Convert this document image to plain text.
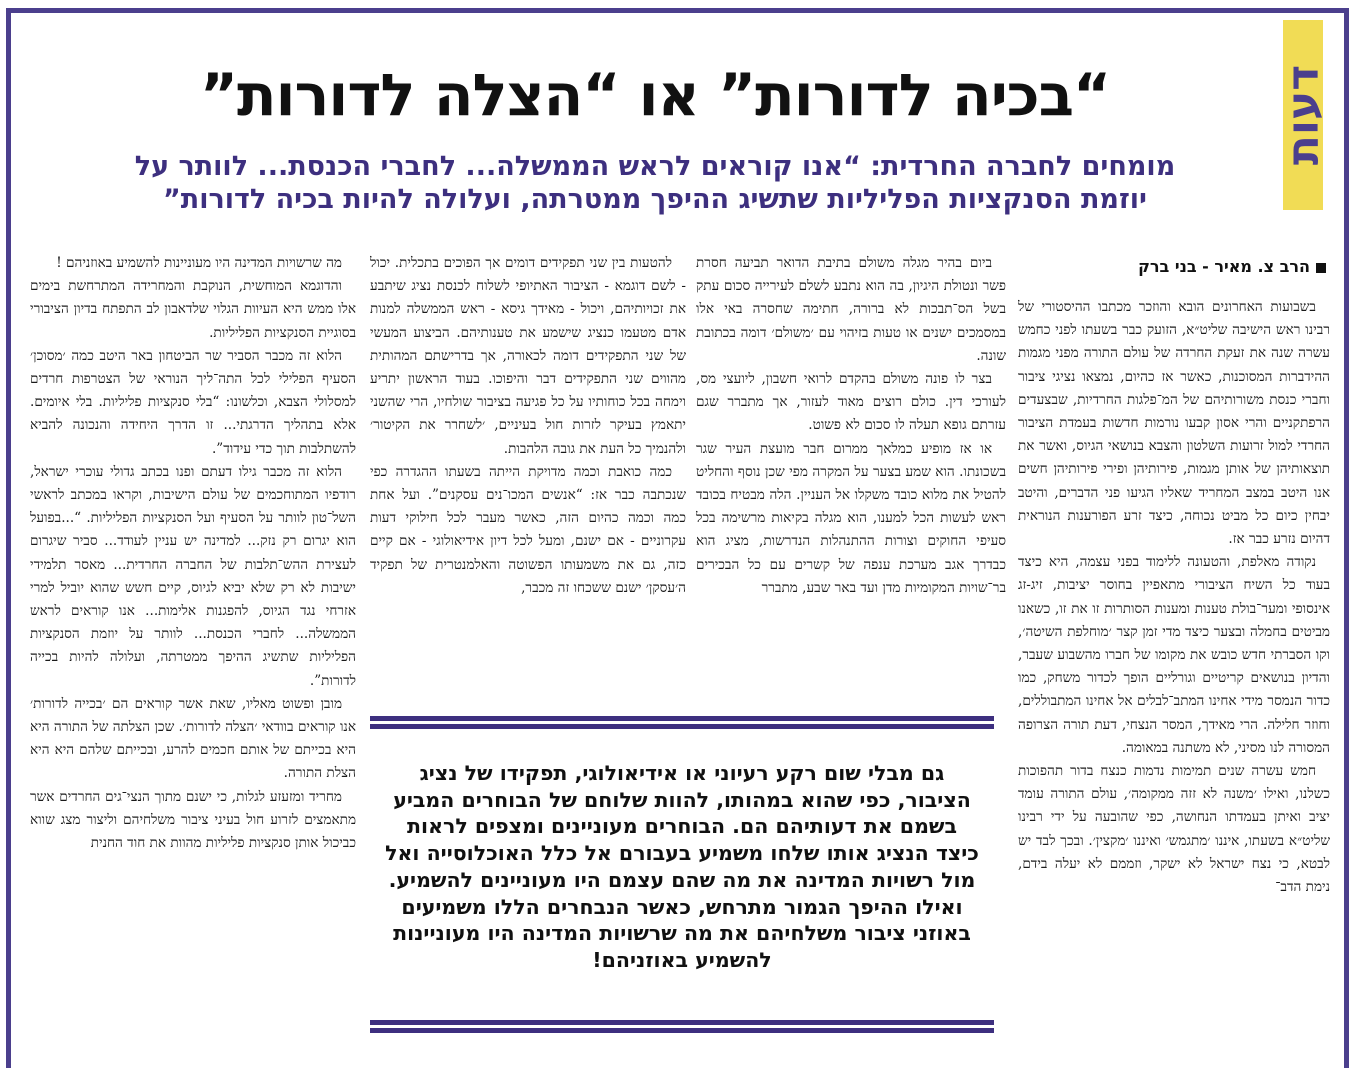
דעות
“בכיה לדורות” או “הצלה לדורות”
מומחים לחברה החרדית: “אנו קוראים לראש הממשלה... לחברי הכנסת... לוותר על
יוזמת הסנקציות הפליליות שתשיג ההיפך ממטרתה, ועלולה להיות בכיה לדורות”
הרב צ. מאיר - בני ברק

בשבועות האחרונים הובא והוזכר מכתבו ההיסטורי של רבינו ראש הישיבה שליט״א, הזועק כבר בשעתו לפני כחמש עשרה שנה את זעקת החרדה של עולם התורה מפני מגמות ההידברות המסוכנות, כאשר אז כהיום, נמצאו נציגי ציבור וחברי כנסת משורותיהם של המ־פלגות החרדיות, שבצעדים הרפתקניים והרי אסון קבעו נורמות חדשות בעמדת הציבור החרדי למול זרועות השלטון והצבא בנושאי הגיוס, ואשר את תוצאותיהן של אותן מגמות, פירותיהן ופירי פירותיהן חשים אנו היטב במצב המחריד שאליו הגיעו פני הדברים, והיטב יבחין כיום כל מביט נכוחה, כיצד זרע הפורענות הנוראית דהיום נזרע כבר אז.

נקודה מאלפת, והטעונה ללימוד בפני עצמה, היא כיצד בעוד כל השיח הציבורי מתאפיין בחוסר יציבות, זיג-זג אינסופי ומער־בולת טענות ומענות הסותרות זו את זו, כשאנו מביטים בחמלה ובצער כיצד מדי זמן קצר ׳מוחלפת השיטה׳, וקו הסברתי חדש כובש את מקומו של חברו מהשבוע שעבר, והדיון בנושאים קריטיים וגורליים הופך לכדור משחק, כמו כדור הנמסר מידי אחינו המתב־לבלים אל אחינו המתבוללים, וחוזר חלילה. הרי מאידך, המסר הנצחי, דעת תורה הצרופה המסורה לנו מסיני, לא משתנה במאומה.

חמש עשרה שנים תמימות נדמות כנצח בדור תהפוכות כשלנו, ואילו ׳משנה לא זזה ממקומה׳, עולם התורה עומד יציב ואיתן בעמדתו הנחושה, כפי שהובעה על ידי רבינו שליט״א בשעתו, איננו ׳מתגמש׳ ואיננו ׳מקצין׳. ובכך לבד יש לבטא, כי נצח ישראל לא ישקר, וזממם לא יעלה בידם, נימת הדב־

ביום בהיר מגלה משולם בתיבת הדואר תביעה חסרת פשר ונטולת היגיון, בה הוא נתבע לשלם לעירייה סכום עתק בשל הס־תבכות לא ברורה, חתימה שחסרה באי אלו במסמכים ישנים או טעות בזיהוי עם ׳משולם׳ דומה בכתובת שונה.

בצר לו פונה משולם בהקדם לרואי חשבון, ליועצי מס, לעורכי דין. כולם רוצים מאוד לעזור, אך מתברר שגם עזרתם גופא תעלה לו סכום לא פשוט.

או אז מופיע כמלאך ממרום חבר מועצת העיר שגר בשכונתו. הוא שמע בצער על המקרה מפי שכן נוסף והחליט להטיל את מלוא כובד משקלו אל העניין. הלה מבטיח בכובד ראש לעשות הכל למענו, הוא מגלה בקיאות מרשימה בכל סעיפי החוקים וצורות ההתנהלות הנדרשות, מציג הוא כבדרך אגב מערכת ענפה של קשרים עם כל הבכירים בר־שויות המקומיות מדן ועד באר שבע, מתברר

להטעות בין שני תפקידים דומים אך הפוכים בתכלית. יכול - לשם דוגמא - הציבור האתיופי לשלוח לכנסת נציג שיתבע את זכויותיהם, ויכול - מאידך גיסא - ראש הממשלה למנות אדם מטעמו כנציג שישמע את טענותיהם. הביצוע המעשי של שני התפקידים דומה לכאורה, אך בדרישתם המהותית מהווים שני התפקידים דבר והיפוכו. בעוד הראשון יתריע וימחה בכל כוחותיו על כל פגיעה בציבור שולחיו, הרי שהשני יתאמץ בעיקר לזרות חול בעיניים, ׳לשחרר את הקיטור׳ ולהנמיך כל העת את גובה הלהבות.

כמה כואבת וכמה מדויקת הייתה בשעתו ההגדרה כפי שנכתבה כבר אז: “אנשים המכו־נים עסקנים”. ועל אחת כמה וכמה כהיום הזה, כאשר מעבר לכל חילוקי דעות עקרוניים - אם ישנם, ומעל לכל דיון אידיאולוגי - אם קיים כזה, גם את משמעותו הפשוטה והאלמנטרית של תפקיד ה׳עסקן׳ ישנם ששכחו זה מכבר,

מה שרשויות המדינה היו מעוניינות להשמיע באוזניהם !

והדוגמא המוחשית, הנוקבת והמחרידה המתרחשת בימים אלו ממש היא העיוות הגלוי שלדאבון לב התפתח בדיון הציבורי בסוגיית הסנקציות הפליליות.

הלוא זה מכבר הסביר שר הביטחון באר היטב כמה ׳מסוכן׳ הסעיף הפלילי לכל התה־ליך הנוראי של הצטרפות חרדים למסלולי הצבא, וכלשונו: “בלי סנקציות פליליות. בלי איומים. אלא בתהליך הדרגתי... זו הדרך היחידה והנכונה להביא להשתלבות תוך כדי עידוד”.

הלוא זה מכבר גילו דעתם ופנו בכתב גדולי עוכרי ישראל, רודפיו המתוחכמים של עולם הישיבות, וקראו במכתב לראשי השל־טון לוותר על הסעיף ועל הסנקציות הפליליות. “...בפועל הוא יגרום רק נזק... למדינה יש עניין לעודד... סביר שיגרום לעצירת ההש־תלבות של החברה החרדית... מאסר תלמידי ישיבות לא רק שלא יביא לגיוס, קיים חשש שהוא יוביל למרי אזרחי נגד הגיוס, להפגנות אלימות... אנו קוראים לראש הממשלה... לחברי הכנסת... לוותר על יוזמת הסנקציות הפליליות שתשיג ההיפך ממטרתה, ועלולה להיות בכייה לדורות”.

מובן ופשוט מאליו, שאת אשר קוראים הם ׳בכייה לדורות׳ אנו קוראים בוודאי ׳הצלה לדורות׳. שכן הצלתה של התורה היא היא בכייתם של אותם חכמים להרע, ובכייתם שלהם היא היא הצלת התורה.

מחריד ומזעזע לגלות, כי ישנם מתוך הנצי־גים החרדים אשר מתאמצים לזרוע חול בעיני ציבור משלחיהם וליצור מצג שווא כביכול אותן סנקציות פליליות מהוות את חוד החנית

גם מבלי שום רקע רעיוני או אידיאולוגי, תפקידו של נציג הציבור, כפי שהוא במהותו, להוות שלוחם של הבוחרים המביע בשמם את דעותיהם הם. הבוחרים מעוניינים ומצפים לראות כיצד הנציג אותו שלחו משמיע בעבורם אל כלל האוכלוסייה ואל מול רשויות המדינה את מה שהם עצמם היו מעוניינים להשמיע. ואילו ההיפך הגמור מתרחש, כאשר הנבחרים הללו משמיעים באוזני ציבור משלחיהם את מה שרשויות המדינה היו מעוניינות להשמיע באוזניהם!
